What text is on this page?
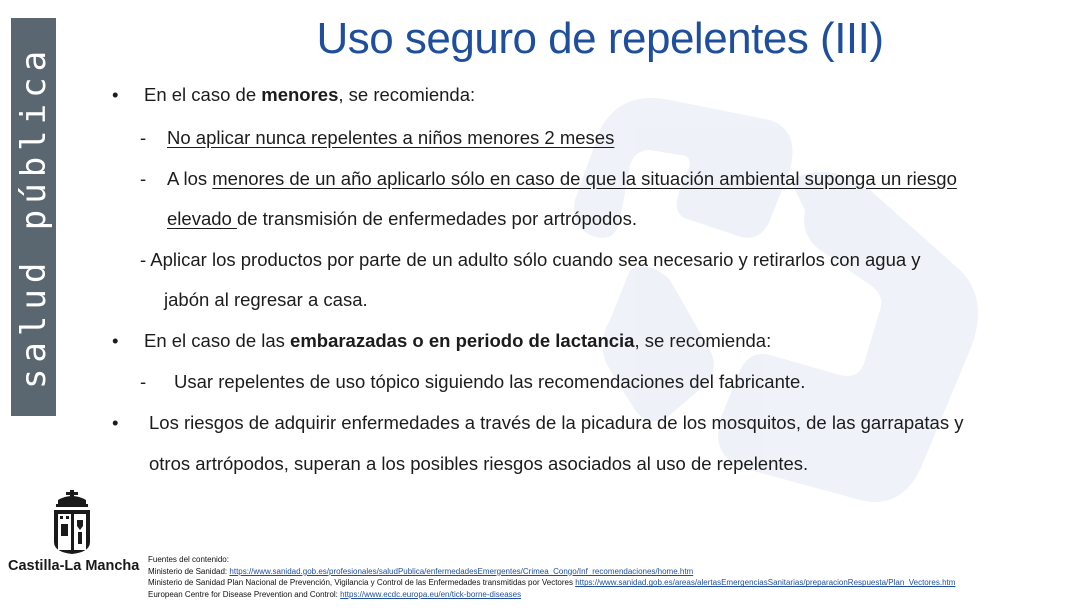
salud pública
Uso seguro de repelentes (III)
• En el caso de menores, se recomienda:
- No aplicar nunca repelentes a niños menores 2 meses
- A los menores de un año aplicarlo sólo en caso de que la situación ambiental suponga un riesgo
elevado de transmisión de enfermedades por artrópodos.
- Aplicar los productos por parte de un adulto sólo cuando sea necesario y retirarlos con agua y
jabón al regresar a casa.
• En el caso de las embarazadas o en periodo de lactancia, se recomienda:
- Usar repelentes de uso tópico siguiendo las recomendaciones del fabricante.
• Los riesgos de adquirir enfermedades a través de la picadura de los mosquitos, de las garrapatas y
otros artrópodos, superan a los posibles riesgos asociados al uso de repelentes.
Castilla-La Mancha Fuentes del contenido:
Ministerio de Sanidad: https://www.sanidad.gob.es/profesionales/saludPublica/enfermedadesEmergentes/Crimea_Congo/Inf_recomendaciones/home.htm
Ministerio de Sanidad Plan Nacional de Prevención, Vigilancia y Control de las Enfermedades transmitidas por Vectores https://www.sanidad.gob.es/areas/alertasEmergenciasSanitarias/preparacionRespuesta/Plan_Vectores.htm
European Centre for Disease Prevention and Control: https://www.ecdc.europa.eu/en/tick-borne-diseases
